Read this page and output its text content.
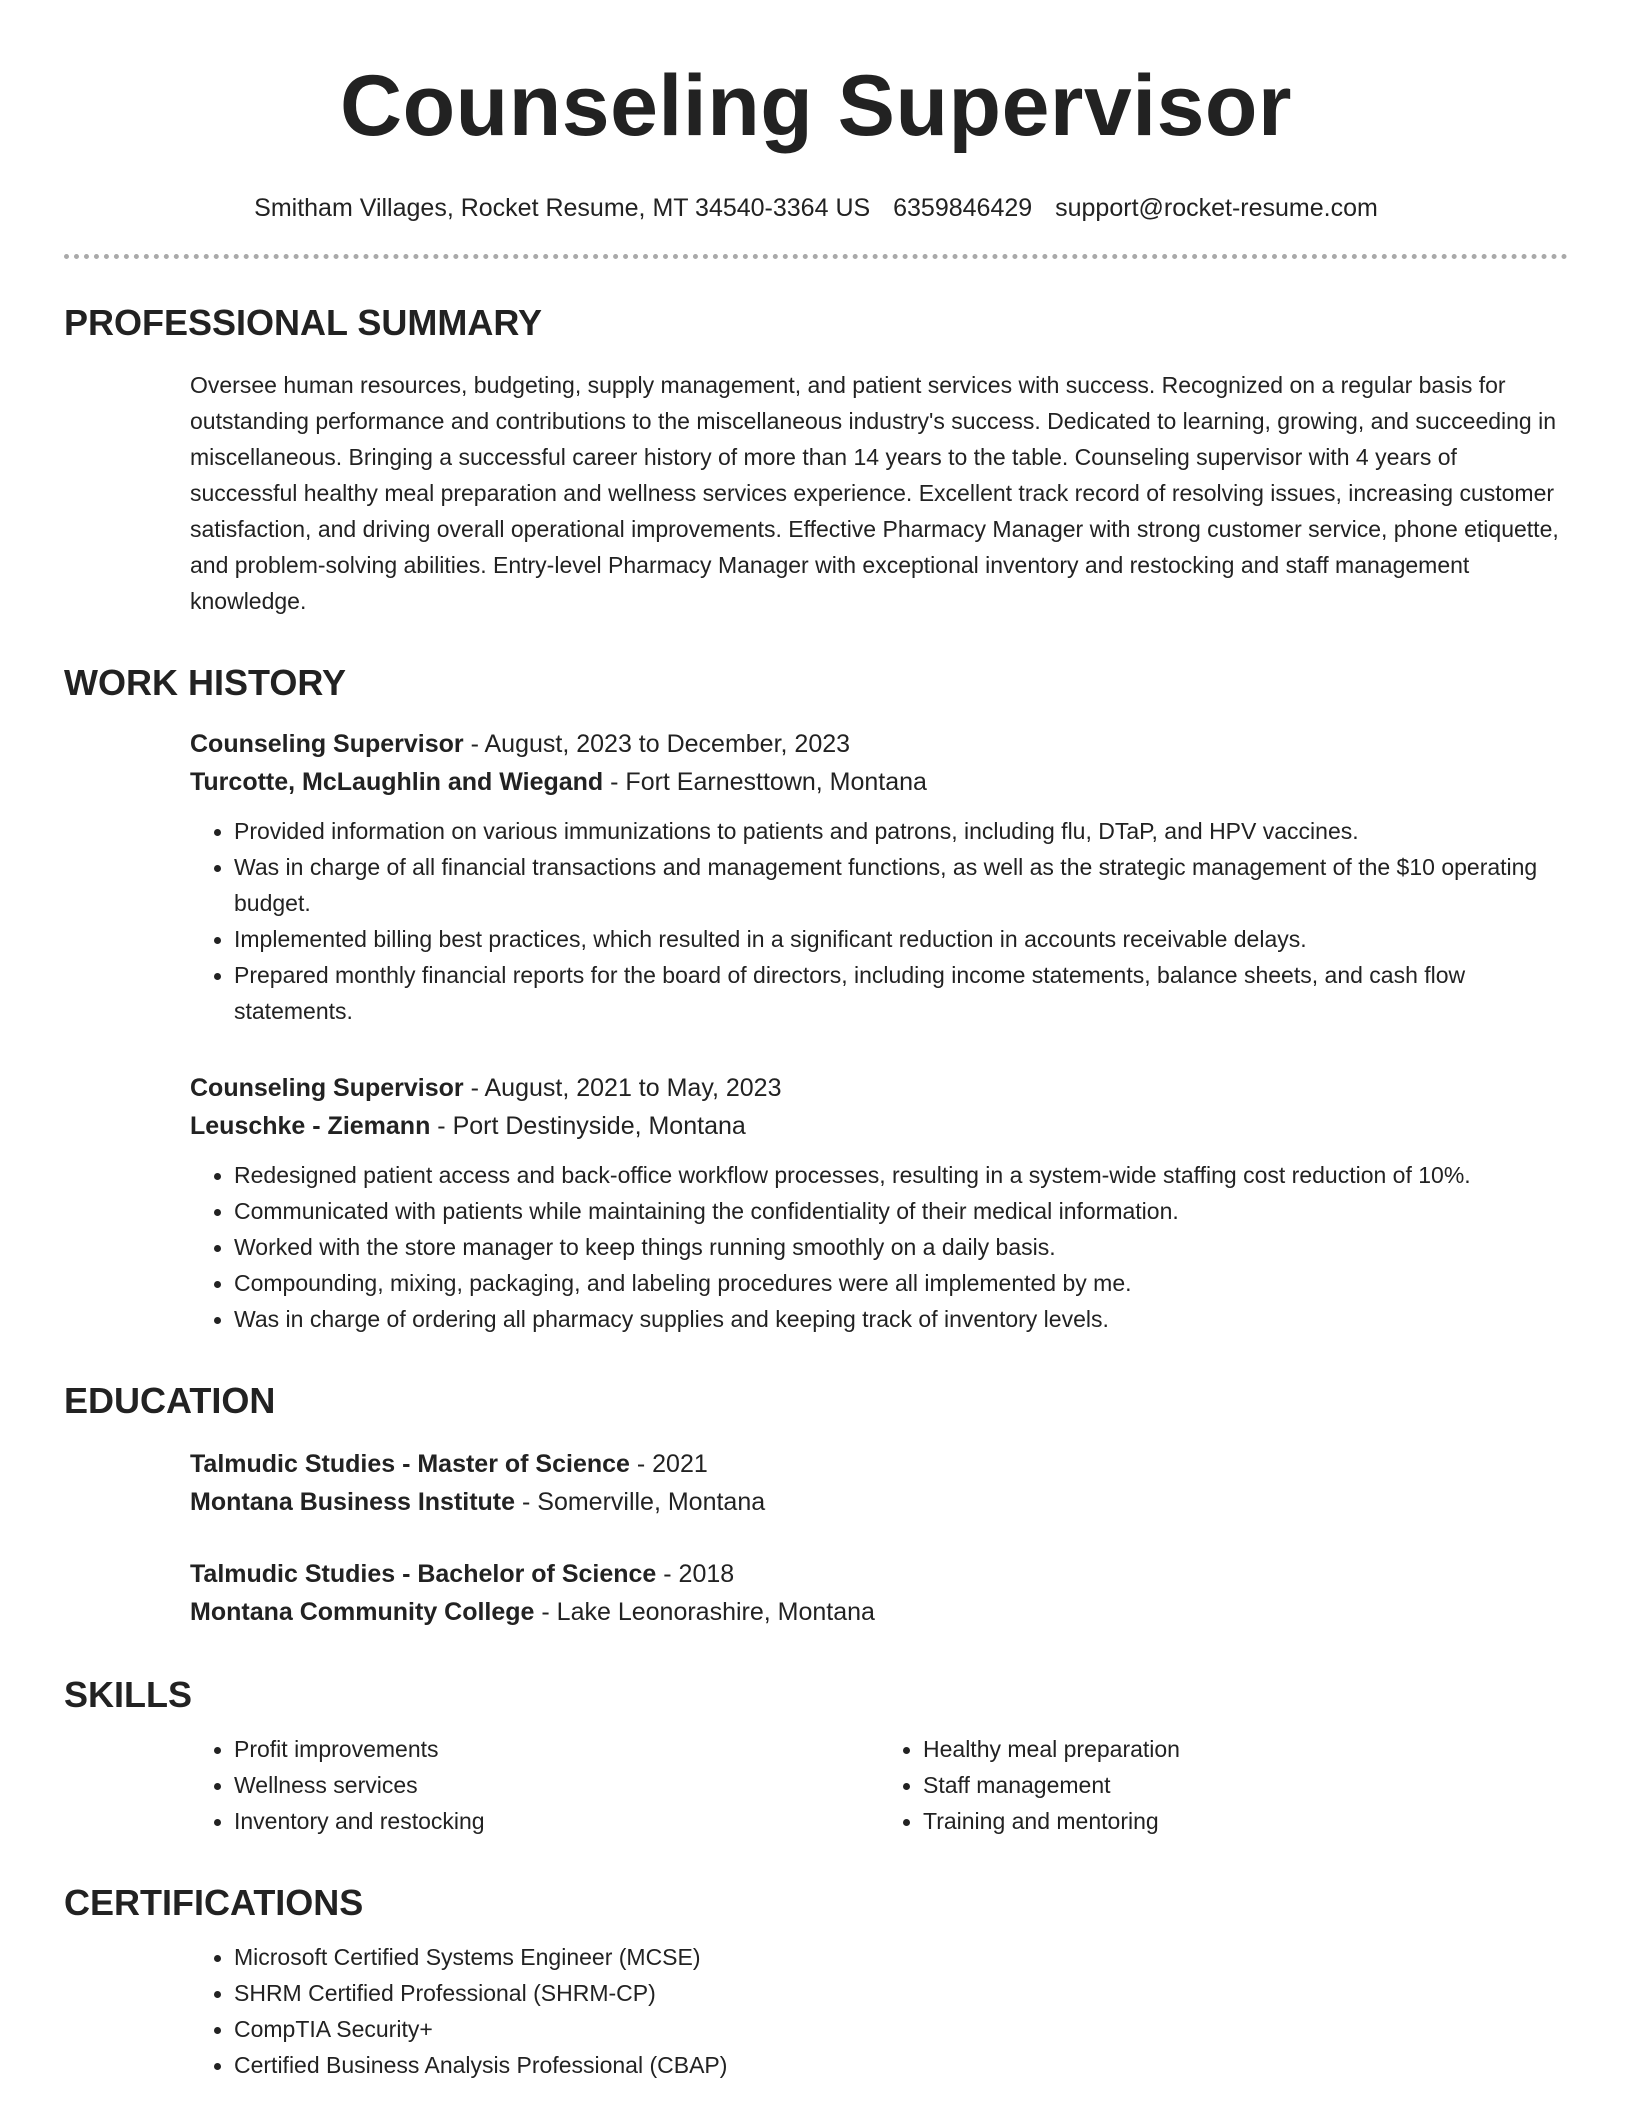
Counseling Supervisor
Smitham Villages, Rocket Resume, MT 34540-3364 US 6359846429 support@rocket-resume.com
PROFESSIONAL SUMMARY
Oversee human resources, budgeting, supply management, and patient services with success. Recognized on a regular basis for outstanding performance and contributions to the miscellaneous industry's success. Dedicated to learning, growing, and succeeding in miscellaneous. Bringing a successful career history of more than 14 years to the table. Counseling supervisor with 4 years of successful healthy meal preparation and wellness services experience. Excellent track record of resolving issues, increasing customer satisfaction, and driving overall operational improvements. Effective Pharmacy Manager with strong customer service, phone etiquette, and problem-solving abilities. Entry-level Pharmacy Manager with exceptional inventory and restocking and staff management knowledge.
WORK HISTORY
Counseling Supervisor - August, 2023 to December, 2023
Turcotte, McLaughlin and Wiegand - Fort Earnesttown, Montana
• Provided information on various immunizations to patients and patrons, including flu, DTaP, and HPV vaccines.
• Was in charge of all financial transactions and management functions, as well as the strategic management of the $10 operating budget.
• Implemented billing best practices, which resulted in a significant reduction in accounts receivable delays.
• Prepared monthly financial reports for the board of directors, including income statements, balance sheets, and cash flow statements.
Counseling Supervisor - August, 2021 to May, 2023
Leuschke - Ziemann - Port Destinyside, Montana
• Redesigned patient access and back-office workflow processes, resulting in a system-wide staffing cost reduction of 10%.
• Communicated with patients while maintaining the confidentiality of their medical information.
• Worked with the store manager to keep things running smoothly on a daily basis.
• Compounding, mixing, packaging, and labeling procedures were all implemented by me.
• Was in charge of ordering all pharmacy supplies and keeping track of inventory levels.
EDUCATION
Talmudic Studies - Master of Science - 2021
Montana Business Institute - Somerville, Montana
Talmudic Studies - Bachelor of Science - 2018
Montana Community College - Lake Leonorashire, Montana
SKILLS
• Profit improvements
• Wellness services
• Inventory and restocking
• Healthy meal preparation
• Staff management
• Training and mentoring
CERTIFICATIONS
• Microsoft Certified Systems Engineer (MCSE)
• SHRM Certified Professional (SHRM-CP)
• CompTIA Security+
• Certified Business Analysis Professional (CBAP)
